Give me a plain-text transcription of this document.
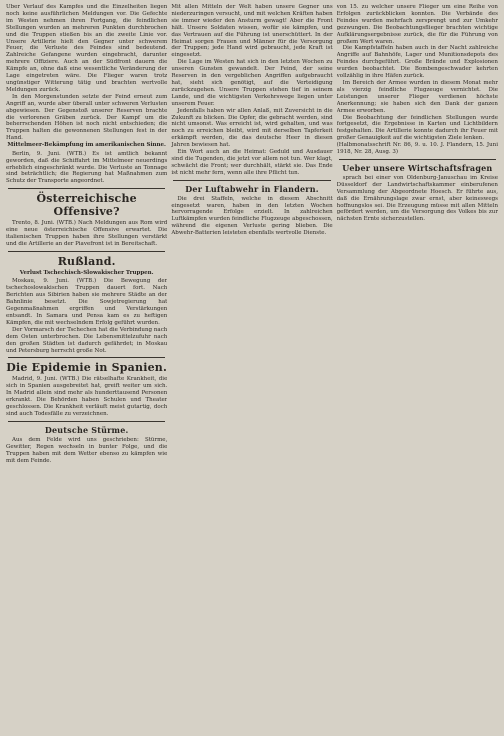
Über Verlauf des Kampfes und die Einzelheiten liegen noch keine ausführlichen Meldungen vor. Die Gefechte im Westen nehmen ihren Fortgang, die feindlichen Stellungen wurden an mehreren Punkten durchbrochen und die Truppen stießen bis an die zweite Linie vor. Unsere Artillerie hielt den Gegner unter schwerem Feuer, die Verluste des Feindes sind bedeutend. Zahlreiche Gefangene wurden eingebracht, darunter mehrere Offiziere. Auch an der Südfront dauern die Kämpfe an, ohne daß eine wesentliche Veränderung der Lage eingetreten wäre. Die Flieger waren trotz ungünstiger Witterung tätig und brachten wertvolle Meldungen zurück.

In den Morgenstunden setzte der Feind erneut zum Angriff an, wurde aber überall unter schweren Verlusten abgewiesen. Der Gegenstoß unserer Reserven brachte die verlorenen Gräben zurück. Der Kampf um die beherrschenden Höhen ist noch nicht entschieden; die Truppen halten die gewonnenen Stellungen fest in der Hand.

Mittelmeer-Bekämpfung im amerikanischen Sinne.

Berlin, 9. Juni. (WTB.) Es ist amtlich bekannt geworden, daß die Schiffahrt im Mittelmeer neuerdings erheblich eingeschränkt wurde. Die Verluste an Tonnage sind beträchtlich; die Regierung hat Maßnahmen zum Schutz der Transporte angeordnet.

Österreichische Offensive?

Trento, 8. Juni. (WTB.) Nach Meldungen aus Rom wird eine neue österreichische Offensive erwartet. Die italienischen Truppen haben ihre Stellungen verstärkt und die Artillerie an der Piavefront ist in Bereitschaft.

Rußland.
Verlust Tschechisch-Slowakischer Truppen.

Moskau, 9. Juni. (WTB.) Die Bewegung der tschechoslowakischen Truppen dauert fort. Nach Berichten aus Sibirien haben sie mehrere Städte an der Bahnlinie besetzt. Die Sowjetregierung hat Gegenmaßnahmen ergriffen und Verstärkungen entsandt. In Samara und Pensa kam es zu heftigen Kämpfen, die mit wechselndem Erfolg geführt wurden.

Der Vormarsch der Tschechen hat die Verbindung nach dem Osten unterbrochen. Die Lebensmittelzufuhr nach den großen Städten ist dadurch gefährdet; in Moskau und Petersburg herrscht große Not.

Die Epidemie in Spanien.

Madrid, 9. Juni. (WTB.) Die rätselhafte Krankheit, die sich in Spanien ausgebreitet hat, greift weiter um sich. In Madrid allein sind mehr als hunderttausend Personen erkrankt. Die Behörden haben Schulen und Theater geschlossen. Die Krankheit verläuft meist gutartig, doch sind auch Todesfälle zu verzeichnen.

Deutsche Stürme.

Aus dem Felde wird uns geschrieben: Stürme, Gewitter, Regen wechseln in bunter Folge, und die Truppen haben mit dem Wetter ebenso zu kämpfen wie mit dem Feinde.

Mit allen Mitteln der Welt haben unsere Gegner uns niederzuringen versucht, und mit welchen Kräften haben sie immer wieder den Ansturm gewagt! Aber die Front hält. Unsere Soldaten wissen, wofür sie kämpfen, und das Vertrauen auf die Führung ist unerschüttert. In der Heimat sorgen Frauen und Männer für die Versorgung der Truppen; jede Hand wird gebraucht, jede Kraft ist eingesetzt.

Die Lage im Westen hat sich in den letzten Wochen zu unseren Gunsten gewandelt. Der Feind, der seine Reserven in den vergeblichen Angriffen aufgebraucht hat, sieht sich genötigt, auf die Verteidigung zurückzugehen. Unsere Truppen stehen tief in seinem Lande, und die wichtigsten Verkehrswege liegen unter unserem Feuer.

Jedenfalls haben wir allen Anlaß, mit Zuversicht in die Zukunft zu blicken. Die Opfer, die gebracht werden, sind nicht umsonst. Was erreicht ist, wird gehalten, und was noch zu erreichen bleibt, wird mit derselben Tapferkeit erkämpft werden, die das deutsche Heer in diesen Jahren bewiesen hat.

Ein Wort auch an die Heimat: Geduld und Ausdauer sind die Tugenden, die jetzt vor allem not tun. Wer klagt, schwächt die Front; wer durchhält, stärkt sie. Das Ende ist nicht mehr fern, wenn alle ihre Pflicht tun.

Der Luftabwehr in Flandern.

Die drei Staffeln, welche in diesem Abschnitt eingesetzt waren, haben in den letzten Wochen hervorragende Erfolge erzielt. In zahlreichen Luftkämpfen wurden feindliche Flugzeuge abgeschossen, während die eigenen Verluste gering blieben. Die Abwehr-Batterien leisteten ebenfalls wertvolle Dienste.

von 15. zu welcher unsere Flieger um eine Reihe von Erfolgen zurückblicken konnten. Die Verbände des Feindes wurden mehrfach zersprengt und zur Umkehr gezwungen. Die Beobachtungsflieger brachten wichtige Aufklärungsergebnisse zurück, die für die Führung von großem Wert waren.

Die Kampfstaffeln haben auch in der Nacht zahlreiche Angriffe auf Bahnhöfe, Lager und Munitionsdepots des Feindes durchgeführt. Große Brände und Explosionen wurden beobachtet. Die Bombengeschwader kehrten vollzählig in ihre Häfen zurück.

Im Bereich der Armee wurden in diesem Monat mehr als vierzig feindliche Flugzeuge vernichtet. Die Leistungen unserer Flieger verdienen höchste Anerkennung; sie haben sich den Dank der ganzen Armee erworben.

Die Beobachtung der feindlichen Stellungen wurde fortgesetzt, die Ergebnisse in Karten und Lichtbildern festgehalten. Die Artillerie konnte dadurch ihr Feuer mit großer Genauigkeit auf die wichtigsten Ziele lenken.

(Halbmonatsschrift Nr. 86, 9. u. 10. J. Flandern, 15. Juni 1918, Nr. 28, Ausg. 3)

Ueber unsere Wirtschaftsfragen

sprach bei einer von Oldenburg-Januschau im Kreise Düsseldorf der Landwirtschaftskammer einberufenen Versammlung der Abgeordnete Hoesch. Er führte aus, daß die Ernährungslage zwar ernst, aber keineswegs hoffnungslos sei. Die Erzeugung müsse mit allen Mitteln gefördert werden, um die Versorgung des Volkes bis zur nächsten Ernte sicherzustellen.
